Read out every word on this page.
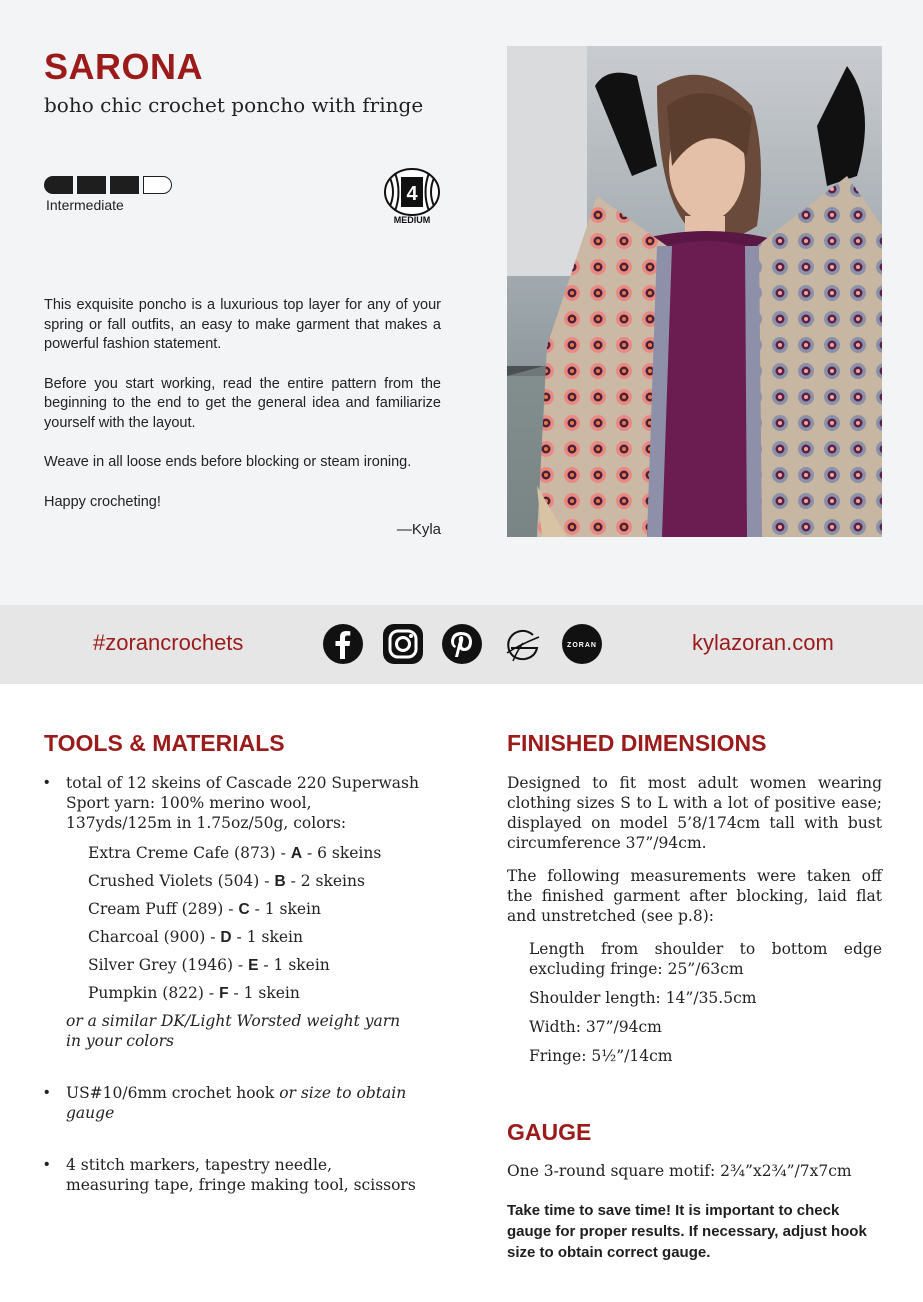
SARONA
boho chic crochet poncho with fringe
Intermediate	4
MEDIUM

This exquisite poncho is a luxurious top layer for any of your spring or fall outfits, an easy to make garment that makes a powerful fashion statement.

Before you start working, read the entire pattern from the beginning to the end to get the general idea and familiarize yourself with the layout.

Weave in all loose ends before blocking or steam ironing.

Happy crocheting!

—Kyla
#zorancrochets	ZORAN	kylazoran.com
TOOLS & MATERIALS
• total of 12 skeins of Cascade 220 Superwash Sport yarn: 100% merino wool, 137yds/125m in 1.75oz/50g, colors:
Extra Creme Cafe (873) - A - 6 skeins
Crushed Violets (504) - B - 2 skeins
Cream Puff (289) - C - 1 skein
Charcoal (900) - D - 1 skein
Silver Grey (1946) - E - 1 skein
Pumpkin (822) - F - 1 skein
or a similar DK/Light Worsted weight yarn in your colors
• US#10/6mm crochet hook or size to obtain gauge
• 4 stitch markers, tapestry needle, measuring tape, fringe making tool, scissors
FINISHED DIMENSIONS

Designed to fit most adult women wearing clothing sizes S to L with a lot of positive ease; displayed on model 5’8/174cm tall with bust circumference 37”/94cm.

The following measurements were taken off the finished garment after blocking, laid flat and unstretched (see p.8):

Length from shoulder to bottom edge excluding fringe: 25”/63cm

Shoulder length: 14”/35.5cm

Width: 37”/94cm

Fringe: 5½”/14cm

GAUGE
One 3-round square motif: 2¾”x2¾”/7x7cm
Take time to save time! It is important to check gauge for proper results. If necessary, adjust hook size to obtain correct gauge.
